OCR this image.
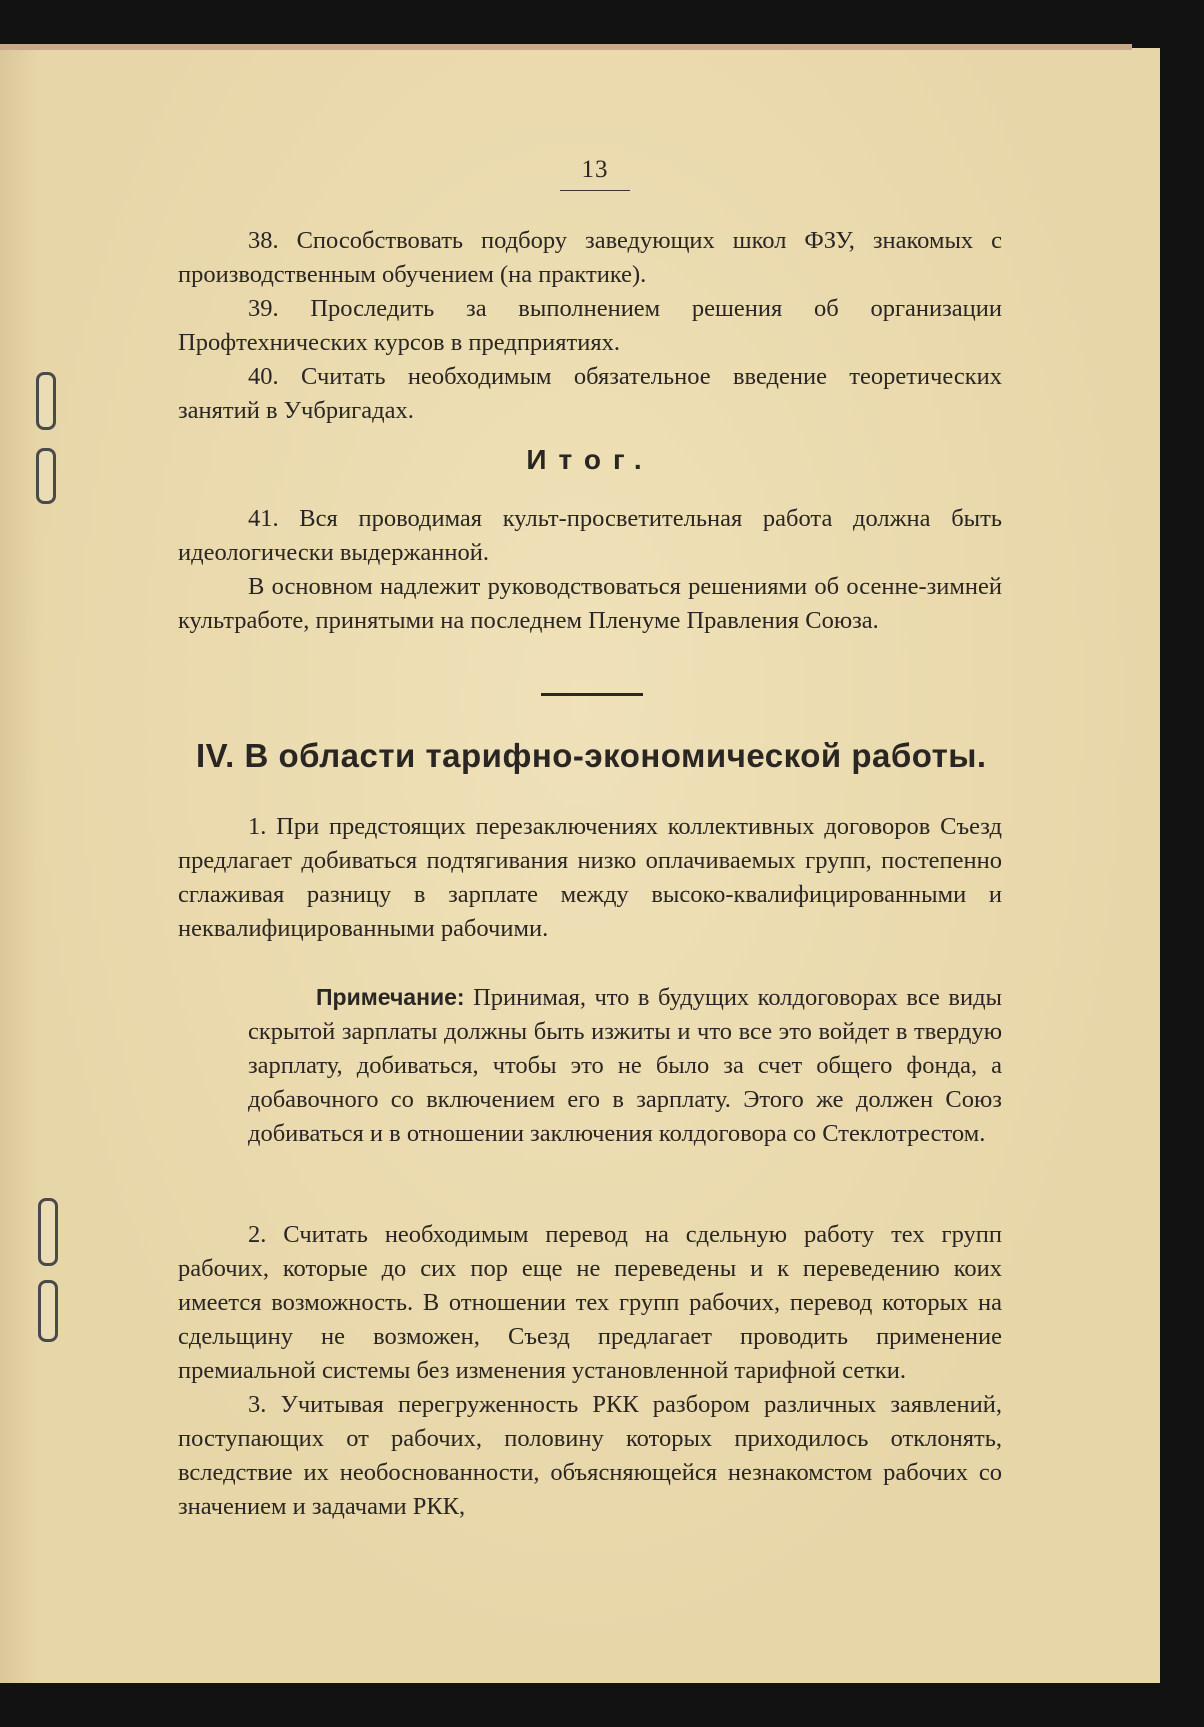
13

38. Способствовать подбору заведующих школ ФЗУ, знакомых с производственным обучением (на практике).

39. Проследить за выполнением решения об организации Профтехнических курсов в предприятиях.

40. Считать необходимым обязательное введение теоретических занятий в Учбригадах.

Итог.

41. Вся проводимая культ-просветительная работа должна быть идеологически выдержанной.

В основном надлежит руководствоваться решениями об осенне-зимней культработе, принятыми на последнем Пленуме Правления Союза.

IV. В области тарифно-экономической работы.

1. При предстоящих перезаключениях коллективных договоров Съезд предлагает добиваться подтягивания низко оплачиваемых групп, постепенно сглаживая разницу в зарплате между высоко-квалифицированными и неквалифицированными рабочими.

Примечание: Принимая, что в будущих колдоговорах все виды скрытой зарплаты должны быть изжиты и что все это войдет в твердую зарплату, добиваться, чтобы это не было за счет общего фонда, а добавочного со включением его в зарплату. Этого же должен Союз добиваться и в отношении заключения колдоговора со Стеклотрестом.

2. Считать необходимым перевод на сдельную работу тех групп рабочих, которые до сих пор еще не переведены и к переведению коих имеется возможность. В отношении тех групп рабочих, перевод которых на сдельщину не возможен, Съезд предлагает проводить применение премиальной системы без изменения установленной тарифной сетки.

3. Учитывая перегруженность РКК разбором различных заявлений, поступающих от рабочих, половину которых приходилось отклонять, вследствие их необоснованности, объясняющейся незнакомстом рабочих со значением и задачами РКК,
